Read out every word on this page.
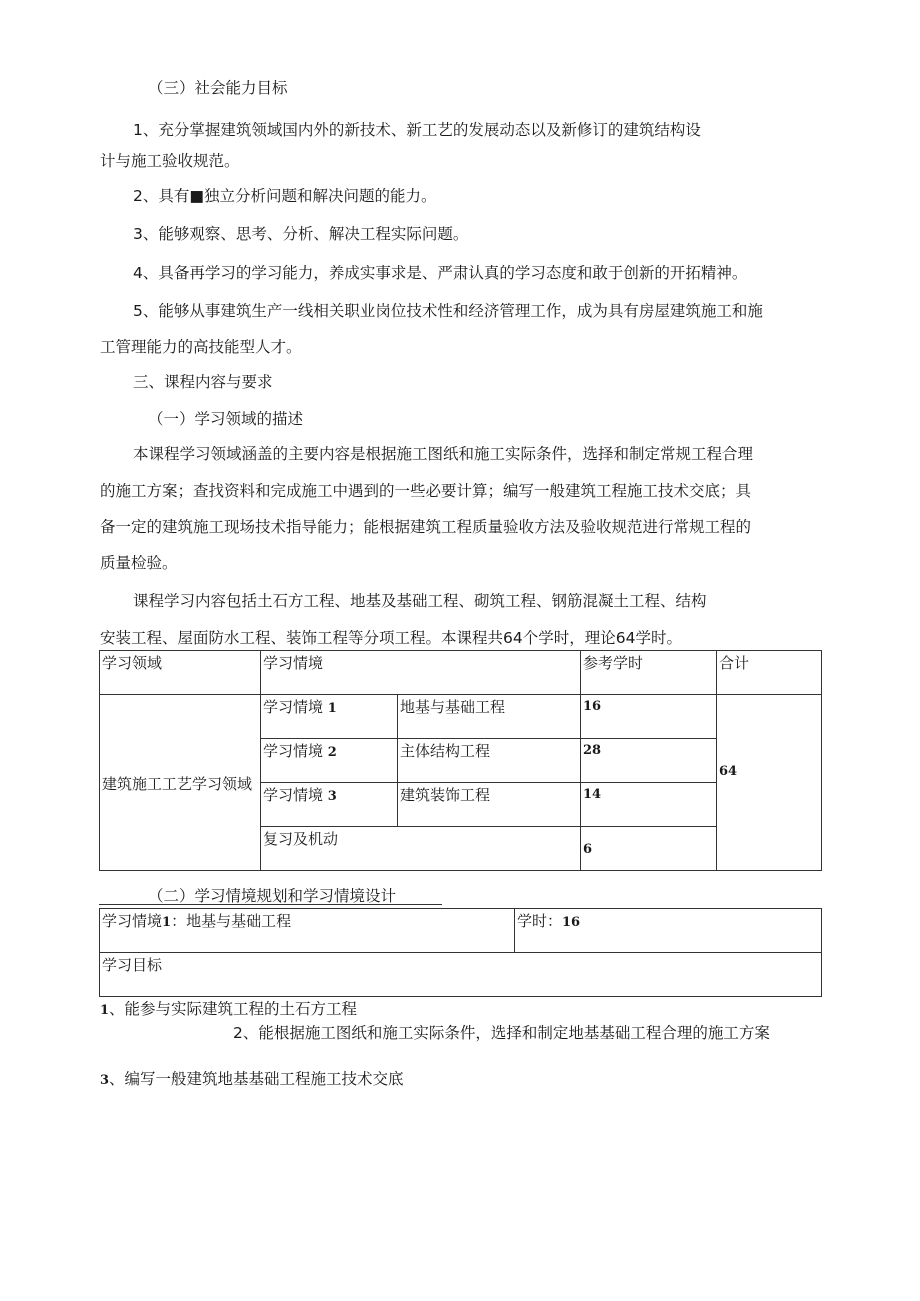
（三）社会能力目标

1、充分掌握建筑领域国内外的新技术、新工艺的发展动态以及新修订的建筑结构设

计与施工验收规范。

2、具有■独立分析问题和解决问题的能力。

3、能够观察、思考、分析、解决工程实际问题。

4、具备再学习的学习能力，养成实事求是、严肃认真的学习态度和敢于创新的开拓精神。

5、能够从事建筑生产一线相关职业岗位技术性和经济管理工作，成为具有房屋建筑施工和施

工管理能力的高技能型人才。

三、课程内容与要求

（一）学习领域的描述

本课程学习领域涵盖的主要内容是根据施工图纸和施工实际条件，选择和制定常规工程合理

的施工方案；查找资料和完成施工中遇到的一些必要计算；编写一般建筑工程施工技术交底；具

备一定的建筑施工现场技术指导能力；能根据建筑工程质量验收方法及验收规范进行常规工程的

质量检验。

课程学习内容包括土石方工程、地基及基础工程、砌筑工程、钢筋混凝土工程、结构

安装工程、屋面防水工程、装饰工程等分项工程。本课程共64个学时，理论64学时。

学习领域	学习情境		参考学时	合计
建筑施工工艺学习领域	学习情境 1	地基与基础工程	16	64
	学习情境 2	主体结构工程	28	
	学习情境 3	建筑装饰工程	14	
	复习及机动		6	

（二）学习情境规划和学习情境设计

学习情境1：地基与基础工程	学时：16
学习目标

1、能参与实际建筑工程的土石方工程

2、能根据施工图纸和施工实际条件，选择和制定地基基础工程合理的施工方案

3、编写一般建筑地基基础工程施工技术交底
